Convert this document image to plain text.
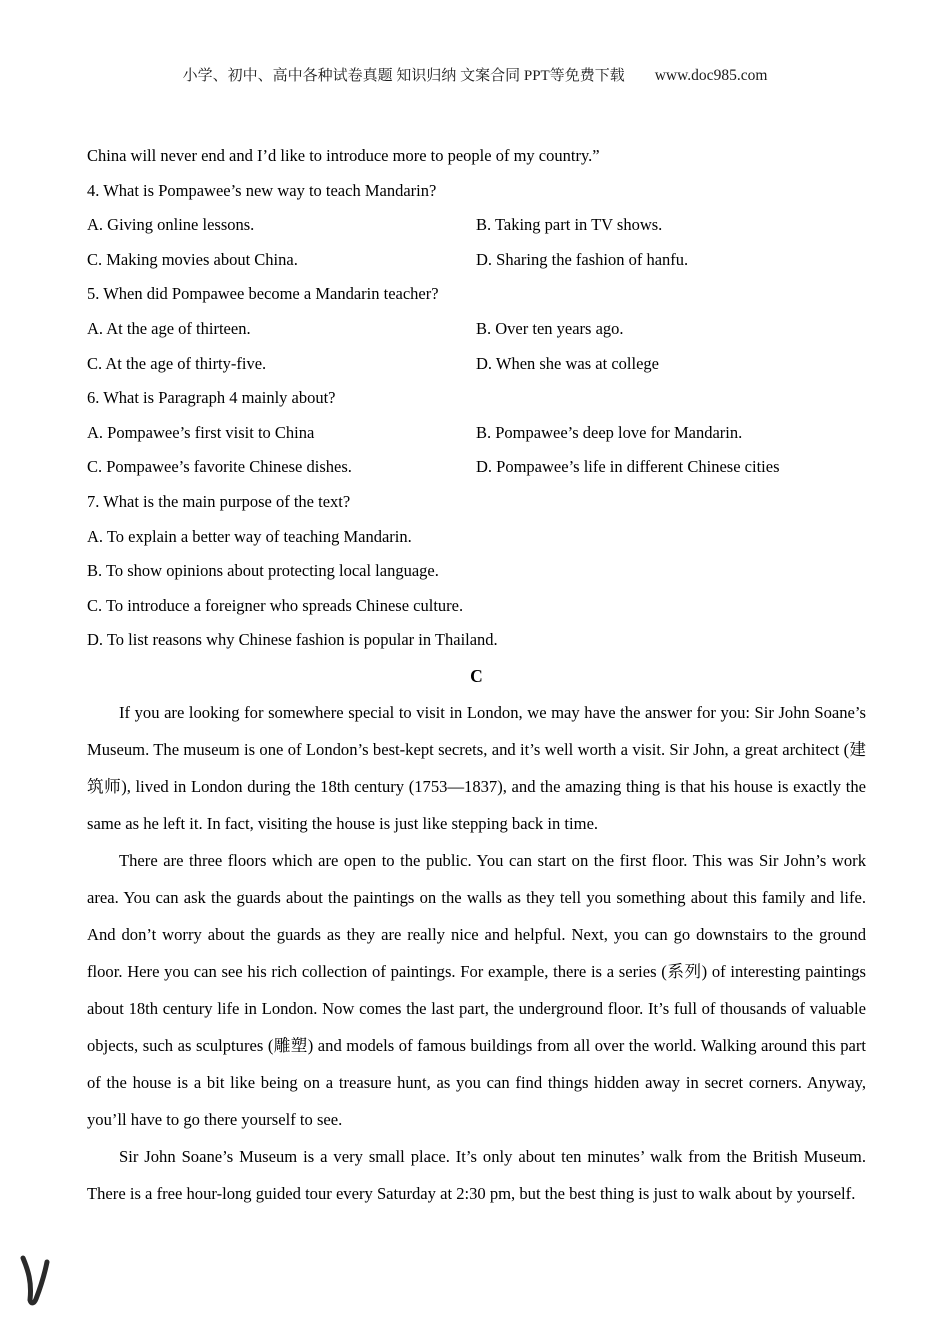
小学、初中、高中各种试卷真题 知识归纳 文案合同 PPT等免费下载 www.doc985.com
China will never end and I’d like to introduce more to people of my country.”
4. What is Pompawee’s new way to teach Mandarin?
A. Giving online lessons.	B. Taking part in TV shows.
C. Making movies about China.	D. Sharing the fashion of hanfu.
5. When did Pompawee become a Mandarin teacher?
A. At the age of thirteen.	B. Over ten years ago.
C. At the age of thirty-five.	D. When she was at college
6. What is Paragraph 4 mainly about?
A. Pompawee’s first visit to China	B. Pompawee’s deep love for Mandarin.
C. Pompawee’s favorite Chinese dishes.	D. Pompawee’s life in different Chinese cities
7. What is the main purpose of the text?
A. To explain a better way of teaching Mandarin.
B. To show opinions about protecting local language.
C. To introduce a foreigner who spreads Chinese culture.
D. To list reasons why Chinese fashion is popular in Thailand.
C

If you are looking for somewhere special to visit in London, we may have the answer for you: Sir John Soane’s Museum. The museum is one of London’s best-kept secrets, and it’s well worth a visit. Sir John, a great architect (建筑师), lived in London during the 18th century (1753—1837), and the amazing thing is that his house is exactly the same as he left it. In fact, visiting the house is just like stepping back in time.

There are three floors which are open to the public. You can start on the first floor. This was Sir John’s work area. You can ask the guards about the paintings on the walls as they tell you something about this family and life. And don’t worry about the guards as they are really nice and helpful. Next, you can go downstairs to the ground floor. Here you can see his rich collection of paintings. For example, there is a series (系列) of interesting paintings about 18th century life in London. Now comes the last part, the underground floor. It’s full of thousands of valuable objects, such as sculptures (雕塑) and models of famous buildings from all over the world. Walking around this part of the house is a bit like being on a treasure hunt, as you can find things hidden away in secret corners. Anyway, you’ll have to go there yourself to see.

Sir John Soane’s Museum is a very small place. It’s only about ten minutes’ walk from the British Museum. There is a free hour-long guided tour every Saturday at 2:30 pm, but the best thing is just to walk about by yourself.
